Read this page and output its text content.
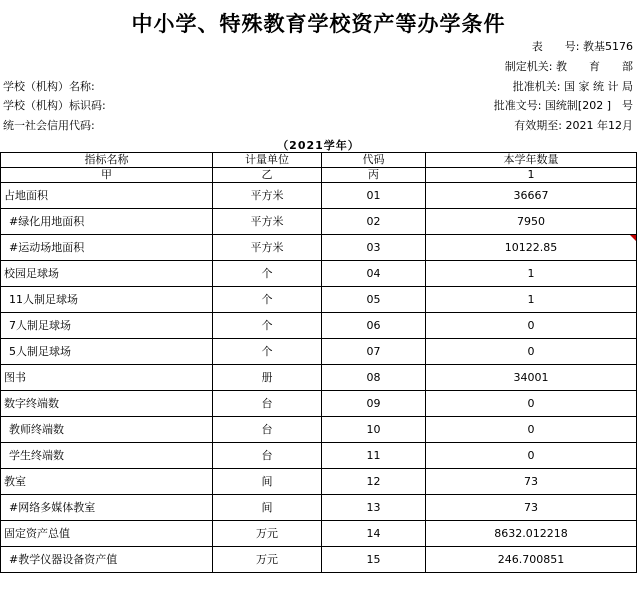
中小学、特殊教育学校资产等办学条件
表　　号: 教基5176
制定机关: 教　　育　　部
批准机关: 国 家 统 计 局
批准文号: 国统制[202 ]　号
有效期至: 2021 年12月
学校（机构）名称:
学校（机构）标识码:
统一社会信用代码:
（2021学年）
指标名称	计量单位	代码	本学年数量
甲	乙	丙	1
占地面积	平方米	01	36667
#绿化用地面积	平方米	02	7950
#运动场地面积	平方米	03	10122.85

校园足球场	个	04	1
11人制足球场	个	05	1
7人制足球场	个	06	0
5人制足球场	个	07	0
图书	册	08	34001
数字终端数	台	09	0
教师终端数	台	10	0
学生终端数	台	11	0
教室	间	12	73
#网络多媒体教室	间	13	73
固定资产总值	万元	14	8632.012218
#教学仪器设备资产值	万元	15	246.700851
